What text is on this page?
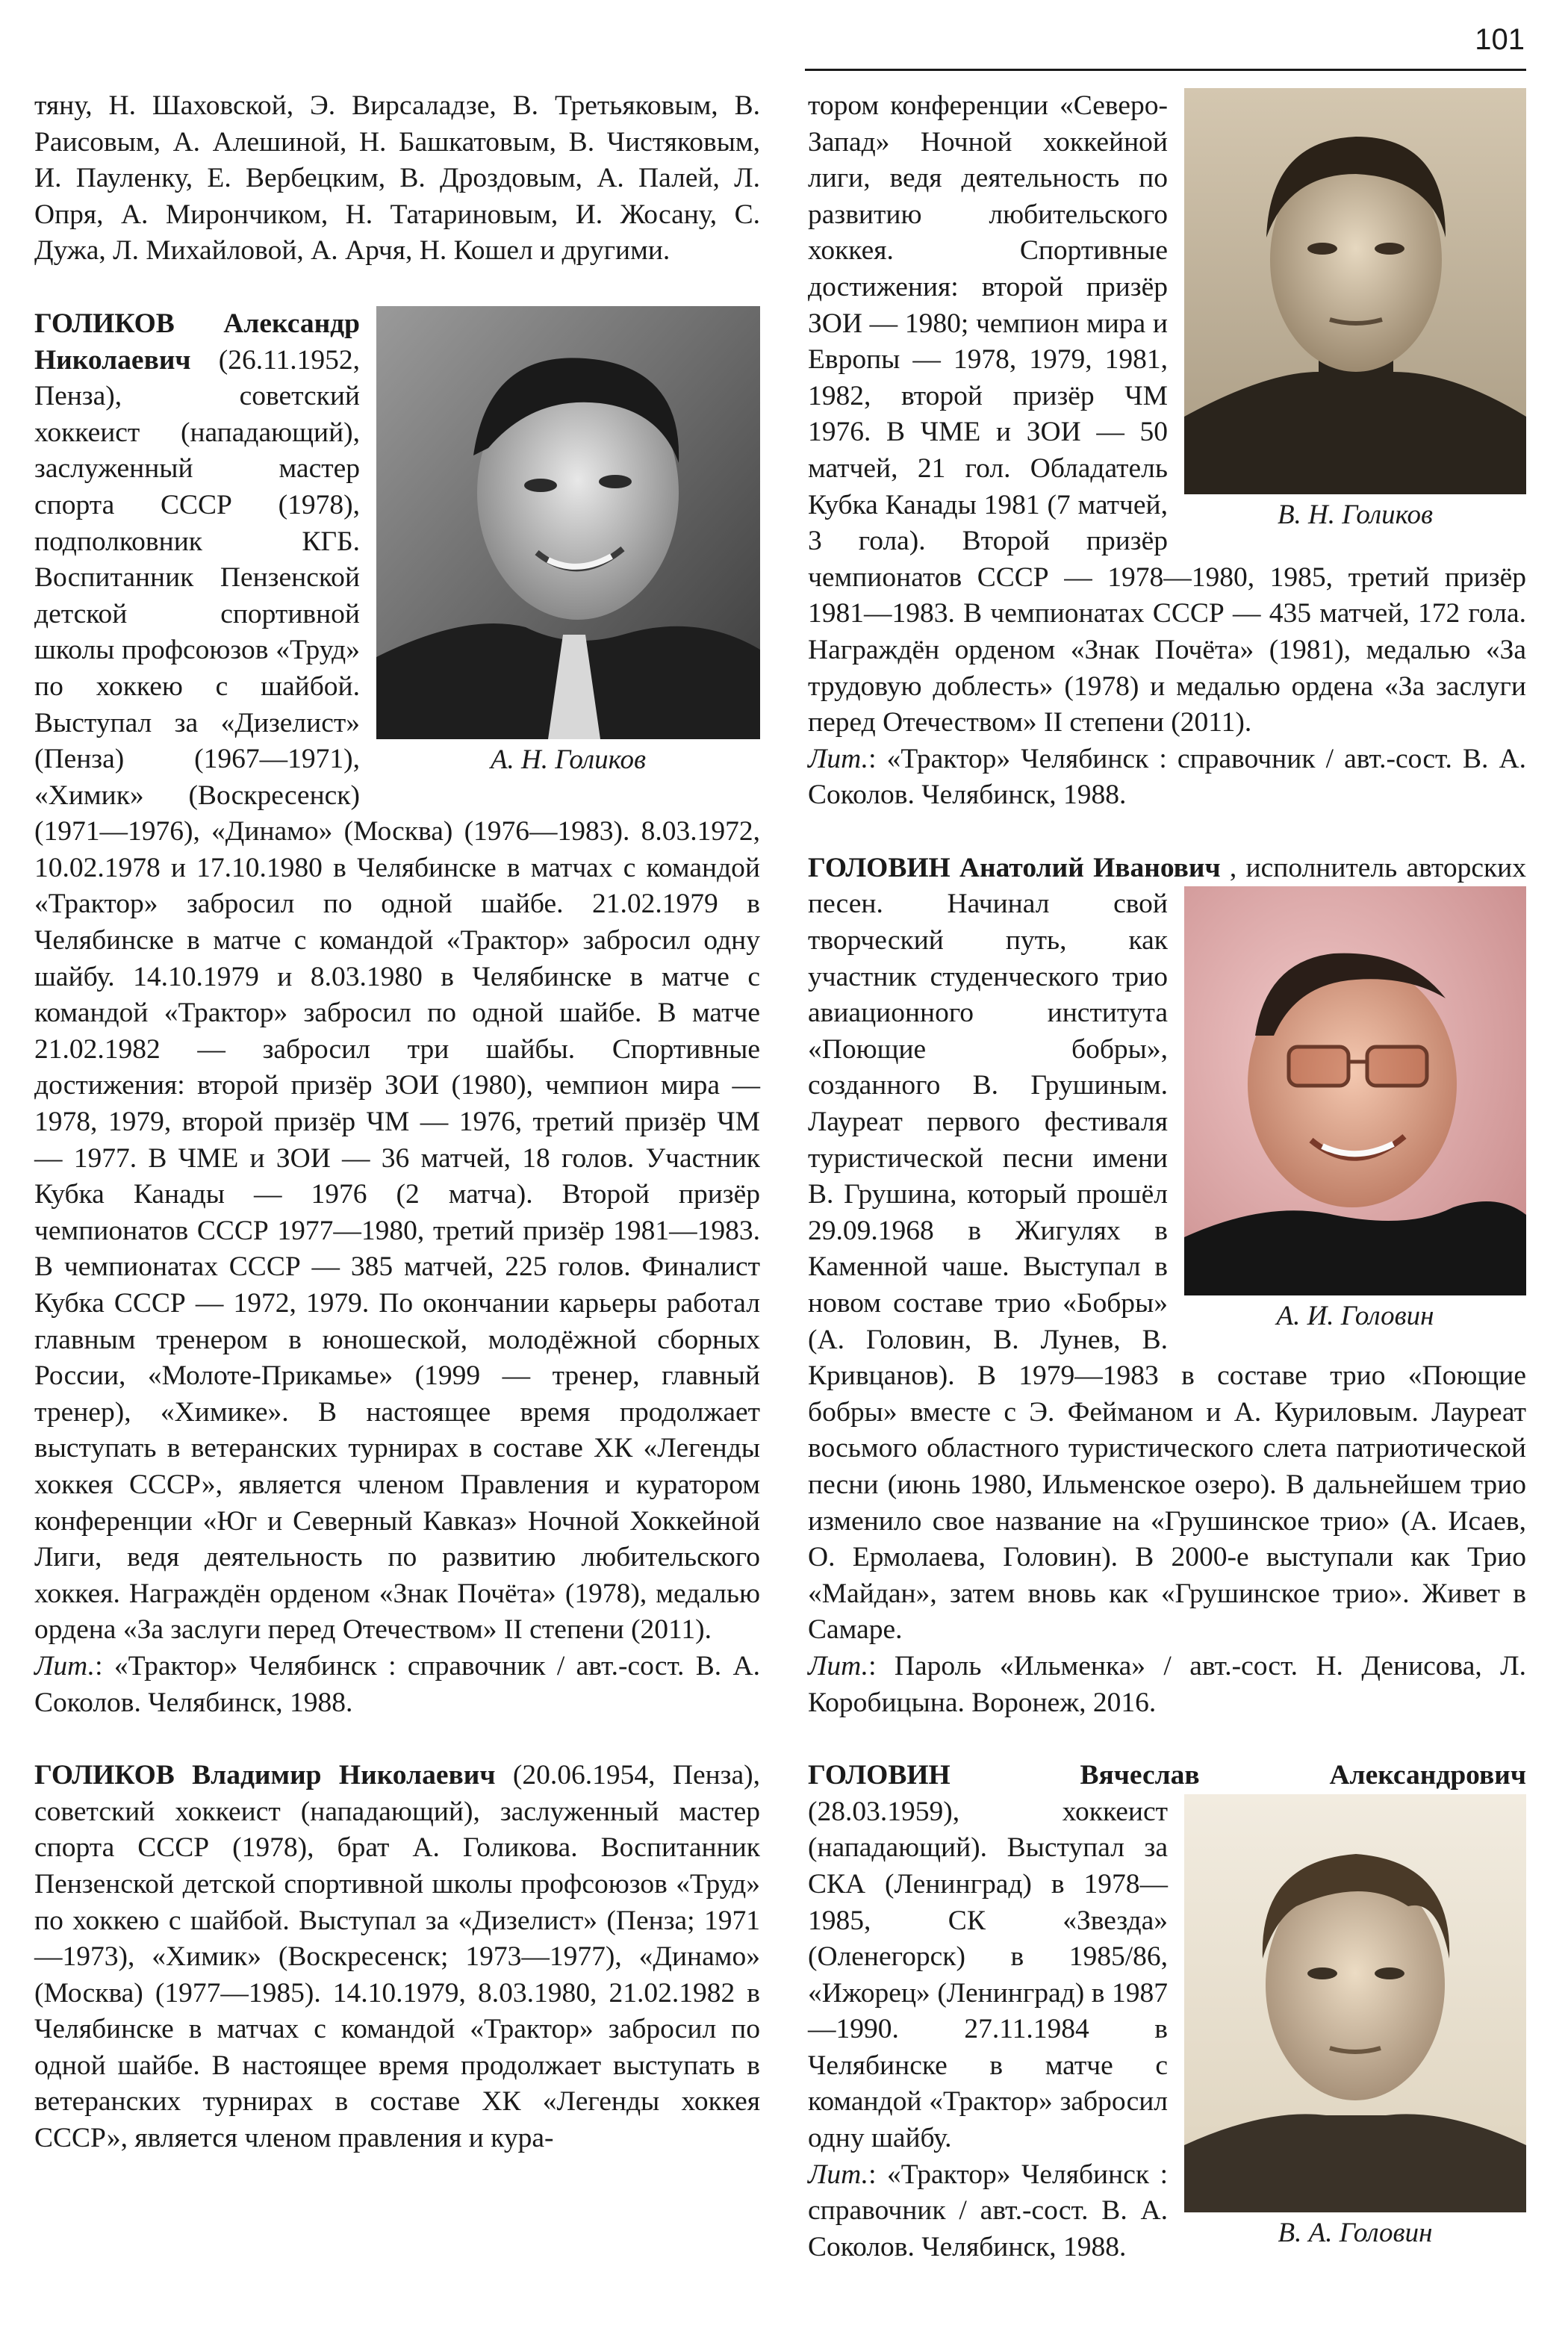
101

тяну, Н. Шаховской, Э. Вирсаладзе, В. Третьяковым, В. Раисовым, А. Алешиной, Н. Башкатовым, В. Чистяковым, И. Пауленку, Е. Вербецким, В. Дроздовым, А. Палей, Л. Опря, А. Мирончиком, Н. Татариновым, И. Жосану, С. Дужа, Л. Михайловой, А. Арчя, Н. Кошел и другими.

А. Н. Голиков
ГОЛИКОВ Александр Николаевич (26.11.1952, Пенза), советский хоккеист (нападающий), заслуженный мастер спорта СССР (1978), подполковник КГБ. Воспитанник Пензенской детской спортивной школы профсоюзов «Труд» по хоккею с шайбой. Выступал за «Дизелист» (Пенза) (1967—1971), «Химик» (Воскресенск) (1971—1976), «Динамо» (Москва) (1976—1983). 8.03.1972, 10.02.1978 и 17.10.1980 в Челябинске в матчах с командой «Трактор» забросил по одной шайбе. 21.02.1979 в Челябинске в матче с командой «Трактор» забросил одну шайбу. 14.10.1979 и 8.03.1980 в Челябинске в матче с командой «Трактор» забросил по одной шайбе. В матче 21.02.1982 — забросил три шайбы. Спортивные достижения: второй призёр ЗОИ (1980), чемпион мира — 1978, 1979, второй призёр ЧМ — 1976, третий призёр ЧМ — 1977. В ЧМЕ и ЗОИ — 36 матчей, 18 голов. Участник Кубка Канады — 1976 (2 матча). Второй призёр чемпионатов СССР 1977—1980, третий призёр 1981—1983. В чемпионатах СССР — 385 матчей, 225 голов. Финалист Кубка СССР — 1972, 1979. По окончании карьеры работал главным тренером в юношеской, молодёжной сборных России, «Молоте-Прикамье» (1999 — тренер, главный тренер), «Химике». В настоящее время продолжает выступать в ветеранских турнирах в составе ХК «Легенды хоккея СССР», является членом Правления и куратором конференции «Юг и Северный Кавказ» Ночной Хоккейной Лиги, ведя деятельность по развитию любительского хоккея. Награждён орденом «Знак Почёта» (1978), медалью ордена «За заслуги перед Отечеством» II степени (2011).

Лит.: «Трактор» Челябинск : справочник / авт.-сост. В. А. Соколов. Челябинск, 1988.

ГОЛИКОВ Владимир Николаевич (20.06.1954, Пенза), советский хоккеист (нападающий), заслуженный мастер спорта СССР (1978), брат А. Голикова. Воспитанник Пензенской детской спортивной школы профсоюзов «Труд» по хоккею с шайбой. Выступал за «Дизелист» (Пенза; 1971—1973), «Химик» (Воскресенск; 1973—1977), «Динамо» (Москва) (1977—1985). 14.10.1979, 8.03.1980, 21.02.1982 в Челябинске в матчах с командой «Трактор» забросил по одной шайбе. В настоящее время продолжает выступать в ветеранских турнирах в составе ХК «Легенды хоккея СССР», является членом правления и кура-

В. Н. Голиков
тором конференции «Северо-Запад» Ночной хоккейной лиги, ведя деятельность по развитию любительского хоккея. Спортивные достижения: второй призёр ЗОИ — 1980; чемпион мира и Европы — 1978, 1979, 1981, 1982, второй призёр ЧМ 1976. В ЧМЕ и ЗОИ — 50 матчей, 21 гол. Обладатель Кубка Канады 1981 (7 матчей, 3 гола). Второй призёр чемпионатов СССР — 1978—1980, 1985, третий призёр 1981—1983. В чемпионатах СССР — 435 матчей, 172 гола. Награждён орденом «Знак Почёта» (1981), медалью «За трудовую доблесть» (1978) и медалью ордена «За заслуги перед Отечеством» II степени (2011).

Лит.: «Трактор» Челябинск : справочник / авт.-сост. В. А. Соколов. Челябинск, 1988.

ГОЛОВИН Анатолий Иванович
А. И. Головин
, исполнитель авторских песен. Начинал свой творческий путь, как участник студенческого трио авиационного института «Поющие бобры», созданного В. Грушиным. Лауреат первого фестиваля туристической песни имени В. Грушина, который прошёл 29.09.1968 в Жигулях в Каменной чаше. Выступал в новом составе трио «Бобры» (А. Головин, В. Лунев, В. Кривцанов). В 1979—1983 в составе трио «Поющие бобры» вместе с Э. Фейманом и А. Куриловым. Лауреат восьмого областного туристического слета патриотической песни (июнь 1980, Ильменское озеро). В дальнейшем трио изменило свое название на «Грушинское трио» (А. Исаев, О. Ермолаева, Головин). В 2000-е выступали как Трио «Майдан», затем вновь как «Грушинское трио». Живет в Самаре.

Лит.: Пароль «Ильменка» / авт.-сост. Н. Денисова, Л. Коробицына. Воронеж, 2016.

ГОЛОВИН Вячеслав Александрович
В. А. Головин
(28.03.1959), хоккеист (нападающий). Выступал за СКА (Ленинград) в 1978—1985, СК «Звезда» (Оленегорск) в 1985/86, «Ижорец» (Ленинград) в 1987—1990. 27.11.1984 в Челябинске в матче с командой «Трактор» забросил одну шайбу.
Лит.: «Трактор» Челябинск : справочник / авт.-сост. В. А. Соколов. Челябинск, 1988.
